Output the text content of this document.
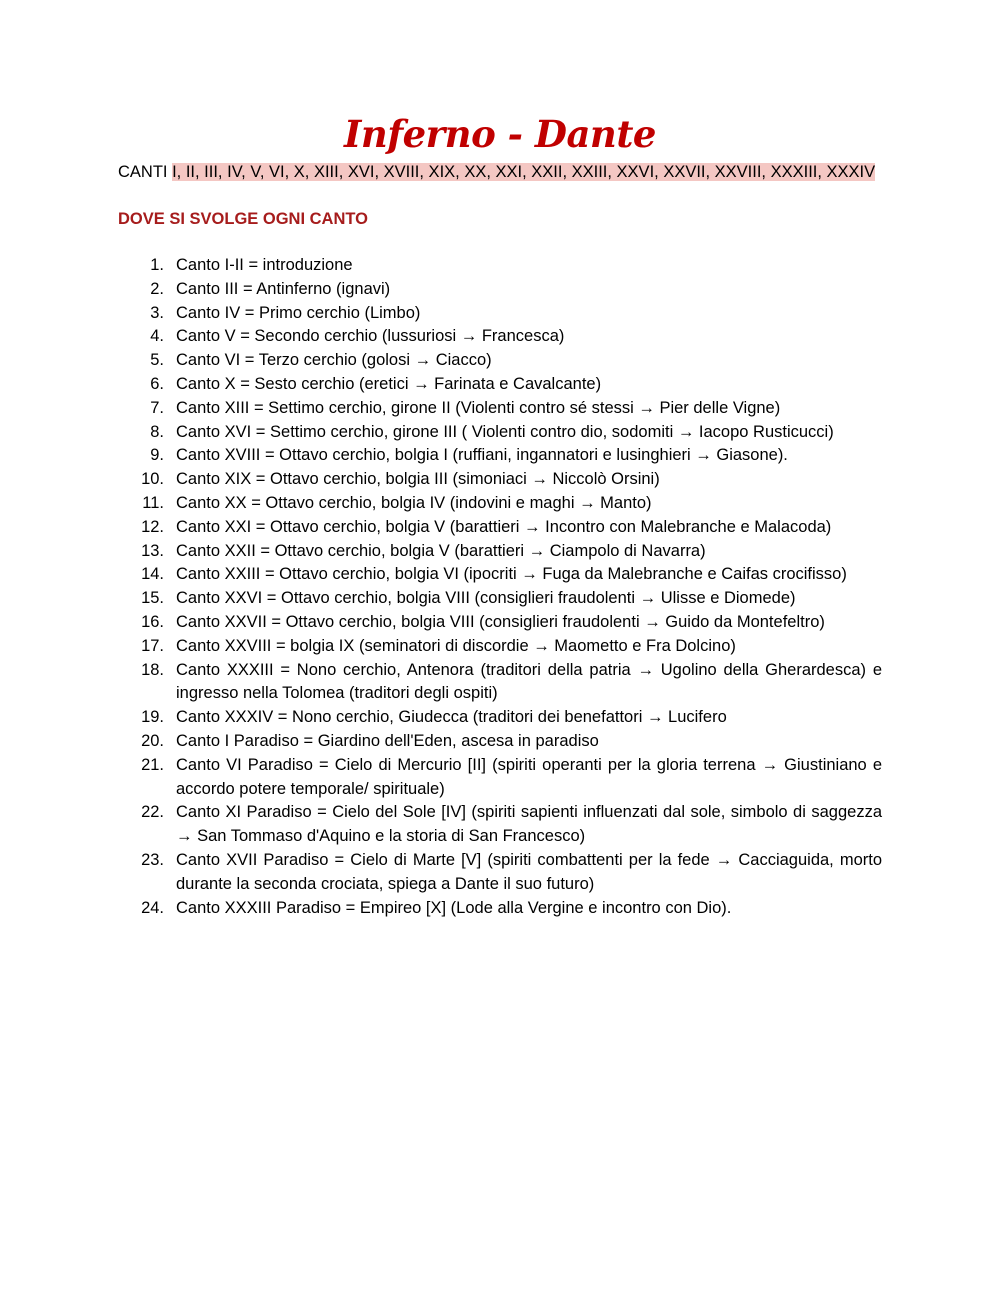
Inferno - Dante

CANTI I, II, III, IV, V, VI, X, XIII, XVI, XVIII, XIX, XX, XXI, XXII, XXIII, XXVI, XXVII, XXVIII, XXXIII, XXXIV

DOVE SI SVOLGE OGNI CANTO
1. Canto I-II = introduzione
2. Canto III = Antinferno (ignavi)
3. Canto IV = Primo cerchio (Limbo)
4. Canto V = Secondo cerchio (lussuriosi → Francesca)
5. Canto VI = Terzo cerchio (golosi → Ciacco)
6. Canto X = Sesto cerchio (eretici → Farinata e Cavalcante)
7. Canto XIII = Settimo cerchio, girone II (Violenti contro sé stessi → Pier delle Vigne)
8. Canto XVI = Settimo cerchio, girone III ( Violenti contro dio, sodomiti → Iacopo Rusticucci)
9. Canto XVIII = Ottavo cerchio, bolgia I (ruffiani, ingannatori e lusinghieri → Giasone).
10. Canto XIX = Ottavo cerchio, bolgia III (simoniaci → Niccolò Orsini)
11. Canto XX = Ottavo cerchio, bolgia IV (indovini e maghi → Manto)
12. Canto XXI = Ottavo cerchio, bolgia V (barattieri → Incontro con Malebranche e Malacoda)
13. Canto XXII = Ottavo cerchio, bolgia V (barattieri → Ciampolo di Navarra)
14. Canto XXIII = Ottavo cerchio, bolgia VI (ipocriti → Fuga da Malebranche e Caifas crocifisso)
15. Canto XXVI = Ottavo cerchio, bolgia VIII (consiglieri fraudolenti → Ulisse e Diomede)
16. Canto XXVII = Ottavo cerchio, bolgia VIII (consiglieri fraudolenti → Guido da Montefeltro)
17. Canto XXVIII = bolgia IX (seminatori di discordie → Maometto e Fra Dolcino)
18. Canto XXXIII = Nono cerchio, Antenora (traditori della patria → Ugolino della Gherardesca) e ingresso nella Tolomea (traditori degli ospiti)
19. Canto XXXIV = Nono cerchio, Giudecca (traditori dei benefattori → Lucifero
20. Canto I Paradiso = Giardino dell'Eden, ascesa in paradiso
21. Canto VI Paradiso = Cielo di Mercurio [II] (spiriti operanti per la gloria terrena → Giustiniano e accordo potere temporale/ spirituale)
22. Canto XI Paradiso = Cielo del Sole [IV] (spiriti sapienti influenzati dal sole, simbolo di saggezza → San Tommaso d'Aquino e la storia di San Francesco)
23. Canto XVII Paradiso = Cielo di Marte [V] (spiriti combattenti per la fede → Cacciaguida, morto durante la seconda crociata, spiega a Dante il suo futuro)
24. Canto XXXIII Paradiso = Empireo [X] (Lode alla Vergine e incontro con Dio).
